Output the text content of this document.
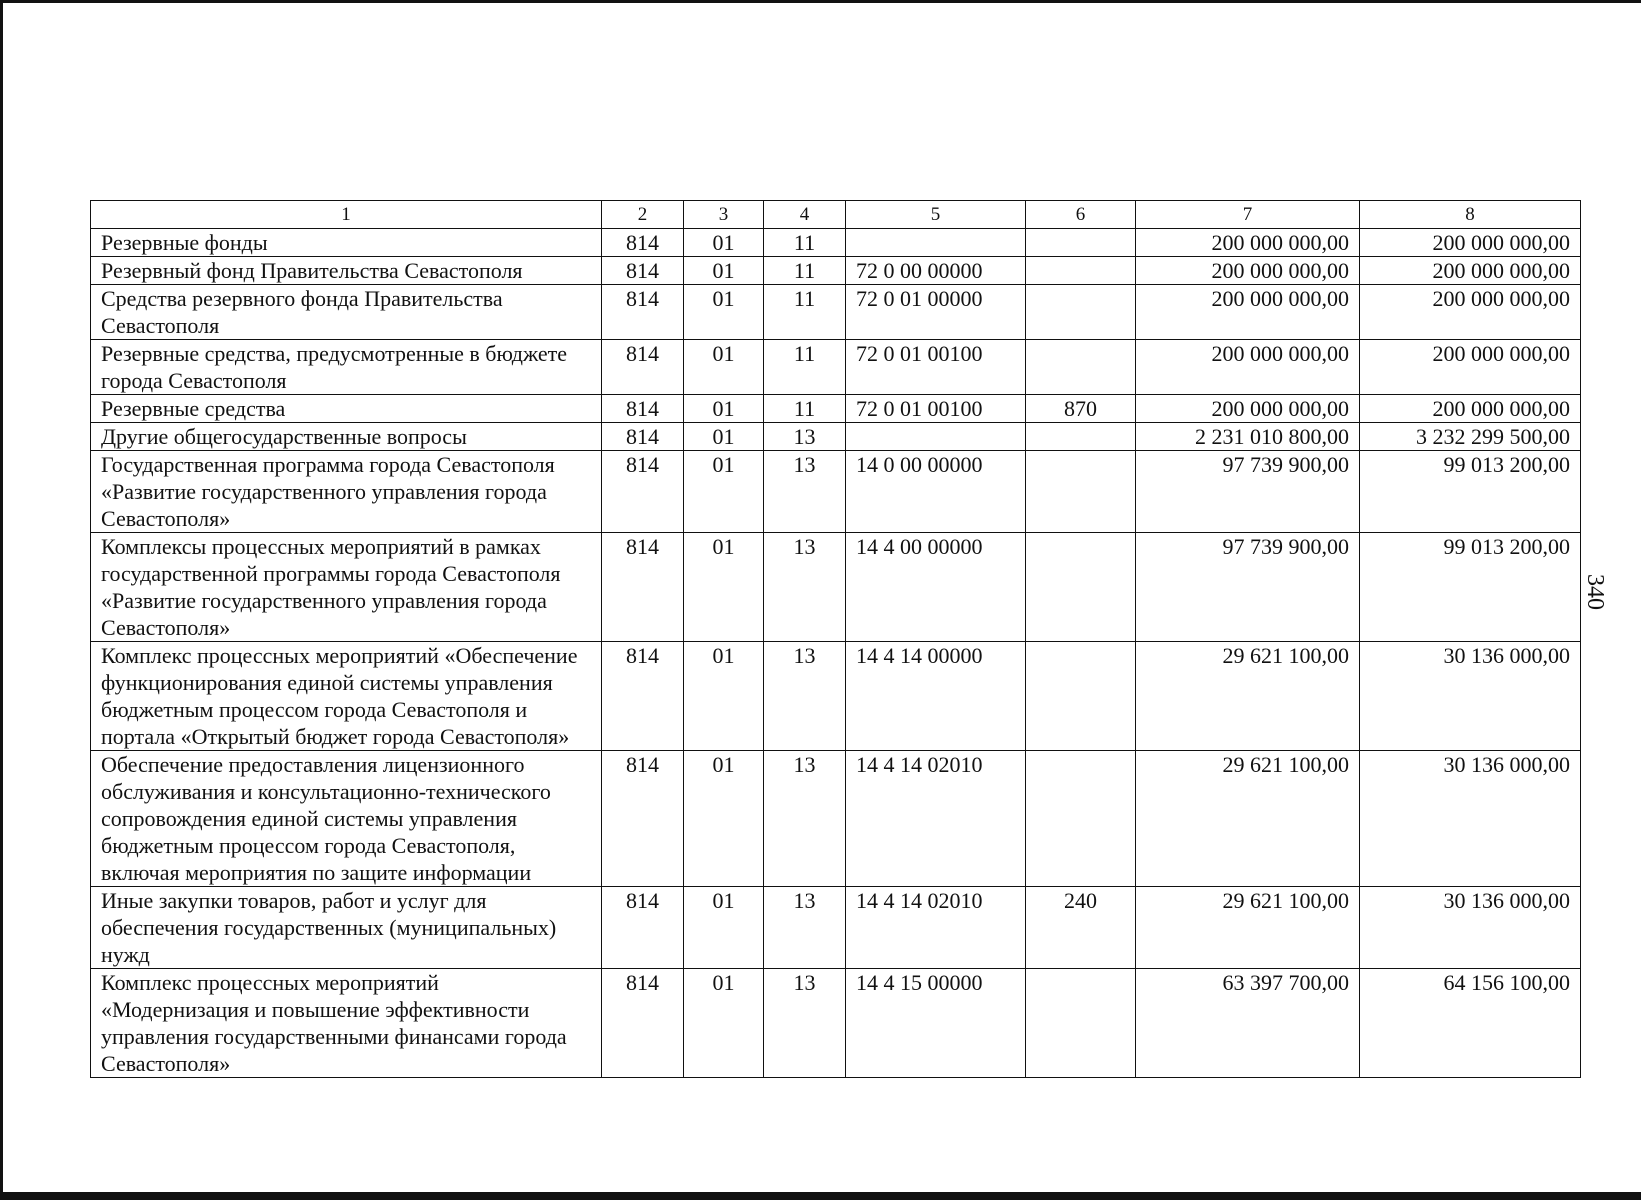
340
1	2	3	4	5	6	7	8
Резервные фонды	814	01	11			200 000 000,00	200 000 000,00
Резервный фонд Правительства Севастополя	814	01	11	72 0 00 00000		200 000 000,00	200 000 000,00
Средства резервного фонда Правительства Севастополя	814	01	11	72 0 01 00000		200 000 000,00	200 000 000,00
Резервные средства, предусмотренные в бюджете города Севастополя	814	01	11	72 0 01 00100		200 000 000,00	200 000 000,00
Резервные средства	814	01	11	72 0 01 00100	870	200 000 000,00	200 000 000,00
Другие общегосударственные вопросы	814	01	13			2 231 010 800,00	3 232 299 500,00
Государственная программа города Севастополя «Развитие государственного управления города Севастополя»	814	01	13	14 0 00 00000		97 739 900,00	99 013 200,00
Комплексы процессных мероприятий в рамках государственной программы города Севастополя «Развитие государственного управления города Севастополя»	814	01	13	14 4 00 00000		97 739 900,00	99 013 200,00
Комплекс процессных мероприятий «Обеспечение функционирования единой системы управления бюджетным процессом города Севастополя и портала «Открытый бюджет города Севастополя»	814	01	13	14 4 14 00000		29 621 100,00	30 136 000,00
Обеспечение предоставления лицензионного обслуживания и консультационно-технического сопровождения единой системы управления бюджетным процессом города Севастополя, включая мероприятия по защите информации	814	01	13	14 4 14 02010		29 621 100,00	30 136 000,00
Иные закупки товаров, работ и услуг для обеспечения государственных (муниципальных) нужд	814	01	13	14 4 14 02010	240	29 621 100,00	30 136 000,00
Комплекс процессных мероприятий «Модернизация и повышение эффективности управления государственными финансами города Севастополя»	814	01	13	14 4 15 00000		63 397 700,00	64 156 100,00
